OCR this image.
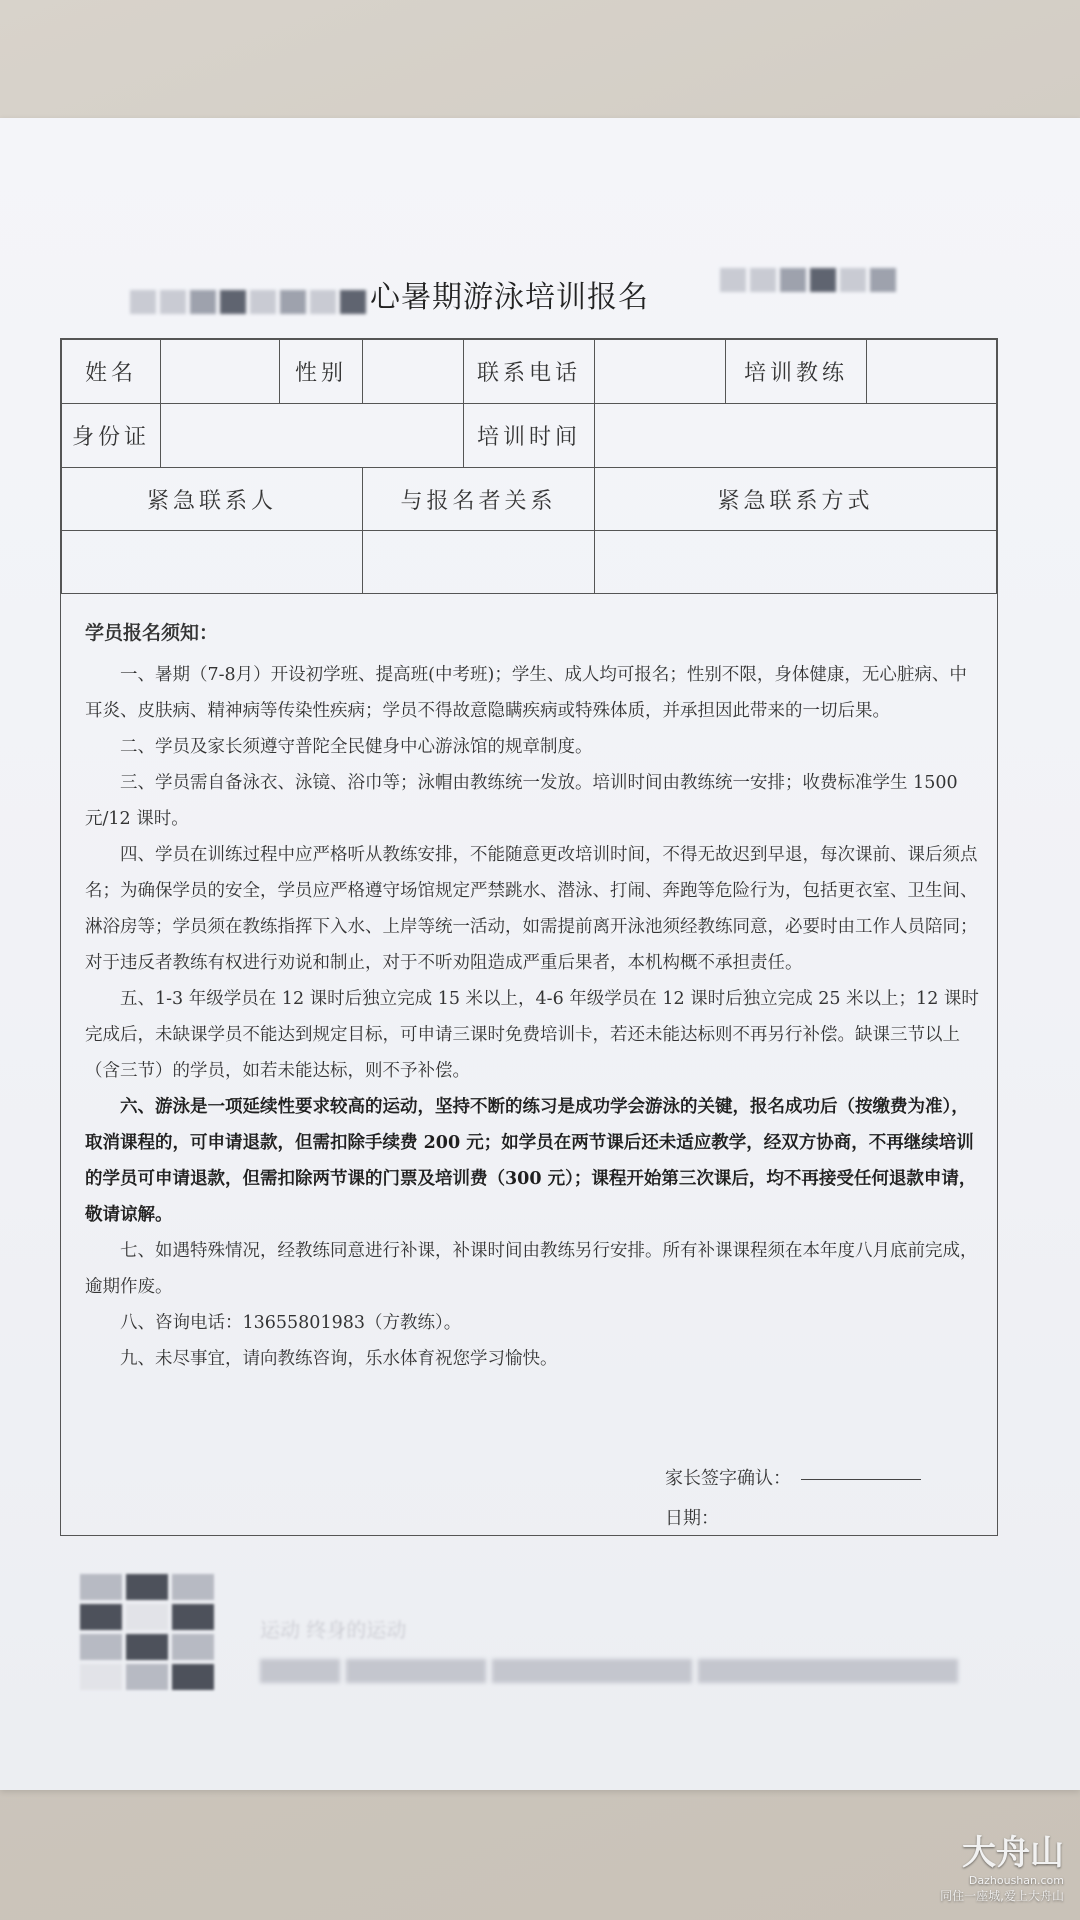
心暑期游泳培训报名
姓名		性别		联系电话		培训教练	
身份证				培训时间			
紧急联系人			与报名者关系		紧急联系方式		

学员报名须知：

一、暑期（7-8月）开设初学班、提高班(中考班)；学生、成人均可报名；性别不限，身体健康，无心脏病、中耳炎、皮肤病、精神病等传染性疾病；学员不得故意隐瞒疾病或特殊体质，并承担因此带来的一切后果。

二、学员及家长须遵守普陀全民健身中心游泳馆的规章制度。

三、学员需自备泳衣、泳镜、浴巾等；泳帽由教练统一发放。培训时间由教练统一安排；收费标准学生 1500 元/12 课时。

四、学员在训练过程中应严格听从教练安排，不能随意更改培训时间，不得无故迟到早退，每次课前、课后须点名；为确保学员的安全，学员应严格遵守场馆规定严禁跳水、潜泳、打闹、奔跑等危险行为，包括更衣室、卫生间、淋浴房等；学员须在教练指挥下入水、上岸等统一活动，如需提前离开泳池须经教练同意，必要时由工作人员陪同；对于违反者教练有权进行劝说和制止，对于不听劝阻造成严重后果者，本机构概不承担责任。

五、1-3 年级学员在 12 课时后独立完成 15 米以上，4-6 年级学员在 12 课时后独立完成 25 米以上；12 课时完成后，未缺课学员不能达到规定目标，可申请三课时免费培训卡，若还未能达标则不再另行补偿。缺课三节以上（含三节）的学员，如若未能达标，则不予补偿。

六、游泳是一项延续性要求较高的运动，坚持不断的练习是成功学会游泳的关键，报名成功后（按缴费为准），取消课程的，可申请退款，但需扣除手续费 200 元；如学员在两节课后还未适应教学，经双方协商，不再继续培训的学员可申请退款，但需扣除两节课的门票及培训费（300 元）；课程开始第三次课后，均不再接受任何退款申请，敬请谅解。

七、如遇特殊情况，经教练同意进行补课，补课时间由教练另行安排。所有补课课程须在本年度八月底前完成，逾期作废。

八、咨询电话：13655801983（方教练）。

九、未尽事宜，请向教练咨询，乐水体育祝您学习愉快。

家长签字确认：
日期：
运动 终身的运动
大舟山
Dazhoushan.com
同住一座城,爱上大舟山
